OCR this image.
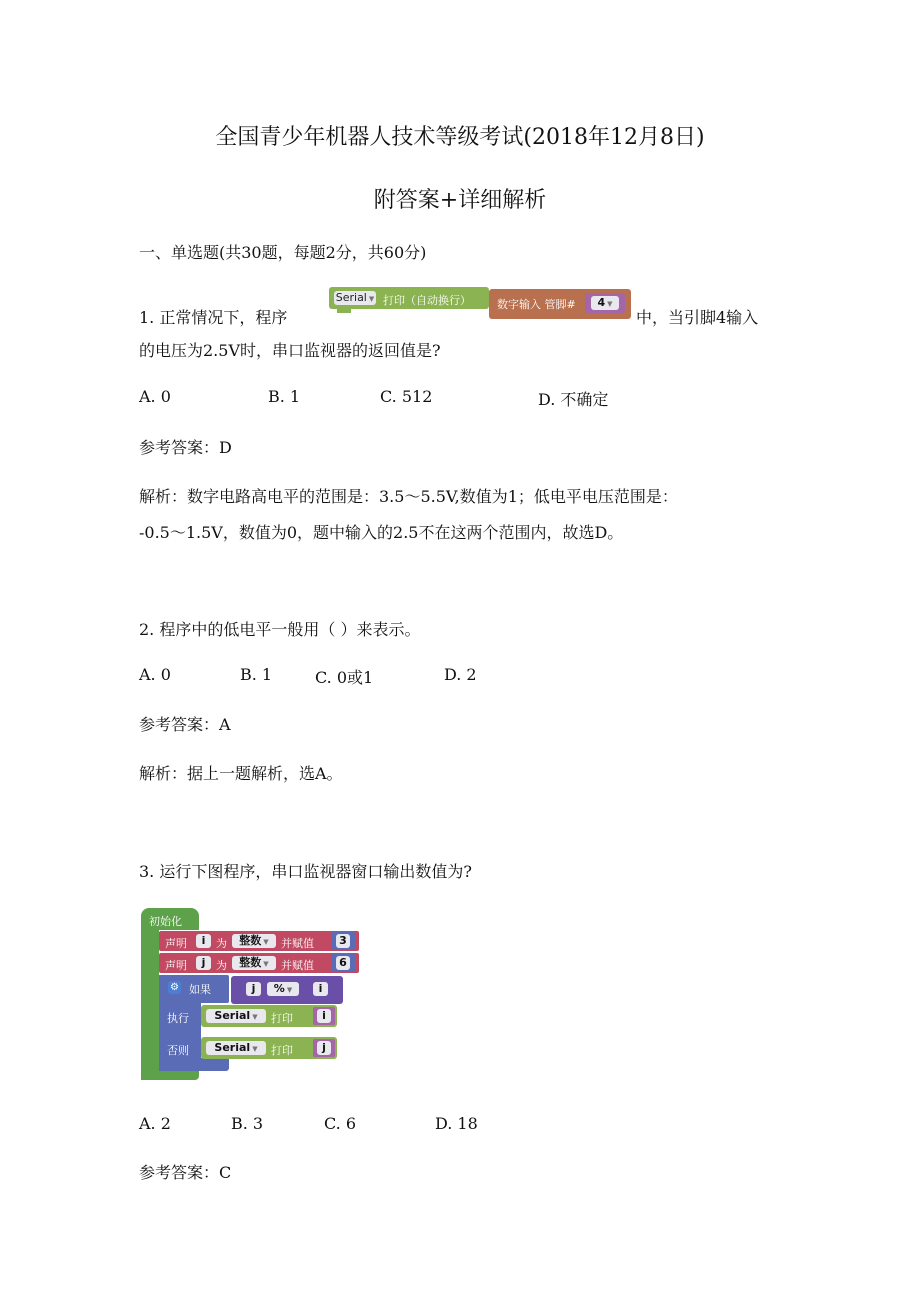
全国青少年机器人技术等级考试(2018年12月8日)
附答案+详细解析
一、单选题(共30题，每题2分，共60分)
1. 正常情况下，程序
Serial ▼ 打印（自动换行） 数字输入 管脚#	4 ▼
中，当引脚4输入
的电压为2.5V时，串口监视器的返回值是?
A. 0	B. 1	C. 512	D. 不确定
参考答案：D
解析：数字电路高电平的范围是：3.5～5.5V,数值为1；低电平电压范围是：
-0.5～1.5V，数值为0，题中输入的2.5不在这两个范围内，故选D。
2. 程序中的低电平一般用（ ）来表示。
A. 0	B. 1	C. 0或1	D. 2
参考答案：A
解析：据上一题解析，选A。
3. 运行下图程序，串口监视器窗口输出数值为?
初始化
声明	i 为	整数 ▼	并赋值 3
声明	j 为	整数 ▼	并赋值 6
⚙ 如果
执行
否则
j	% ▼	i
Serial ▼	打印	i
Serial ▼	打印	j
A. 2	B. 3	C. 6	D. 18
参考答案：C
